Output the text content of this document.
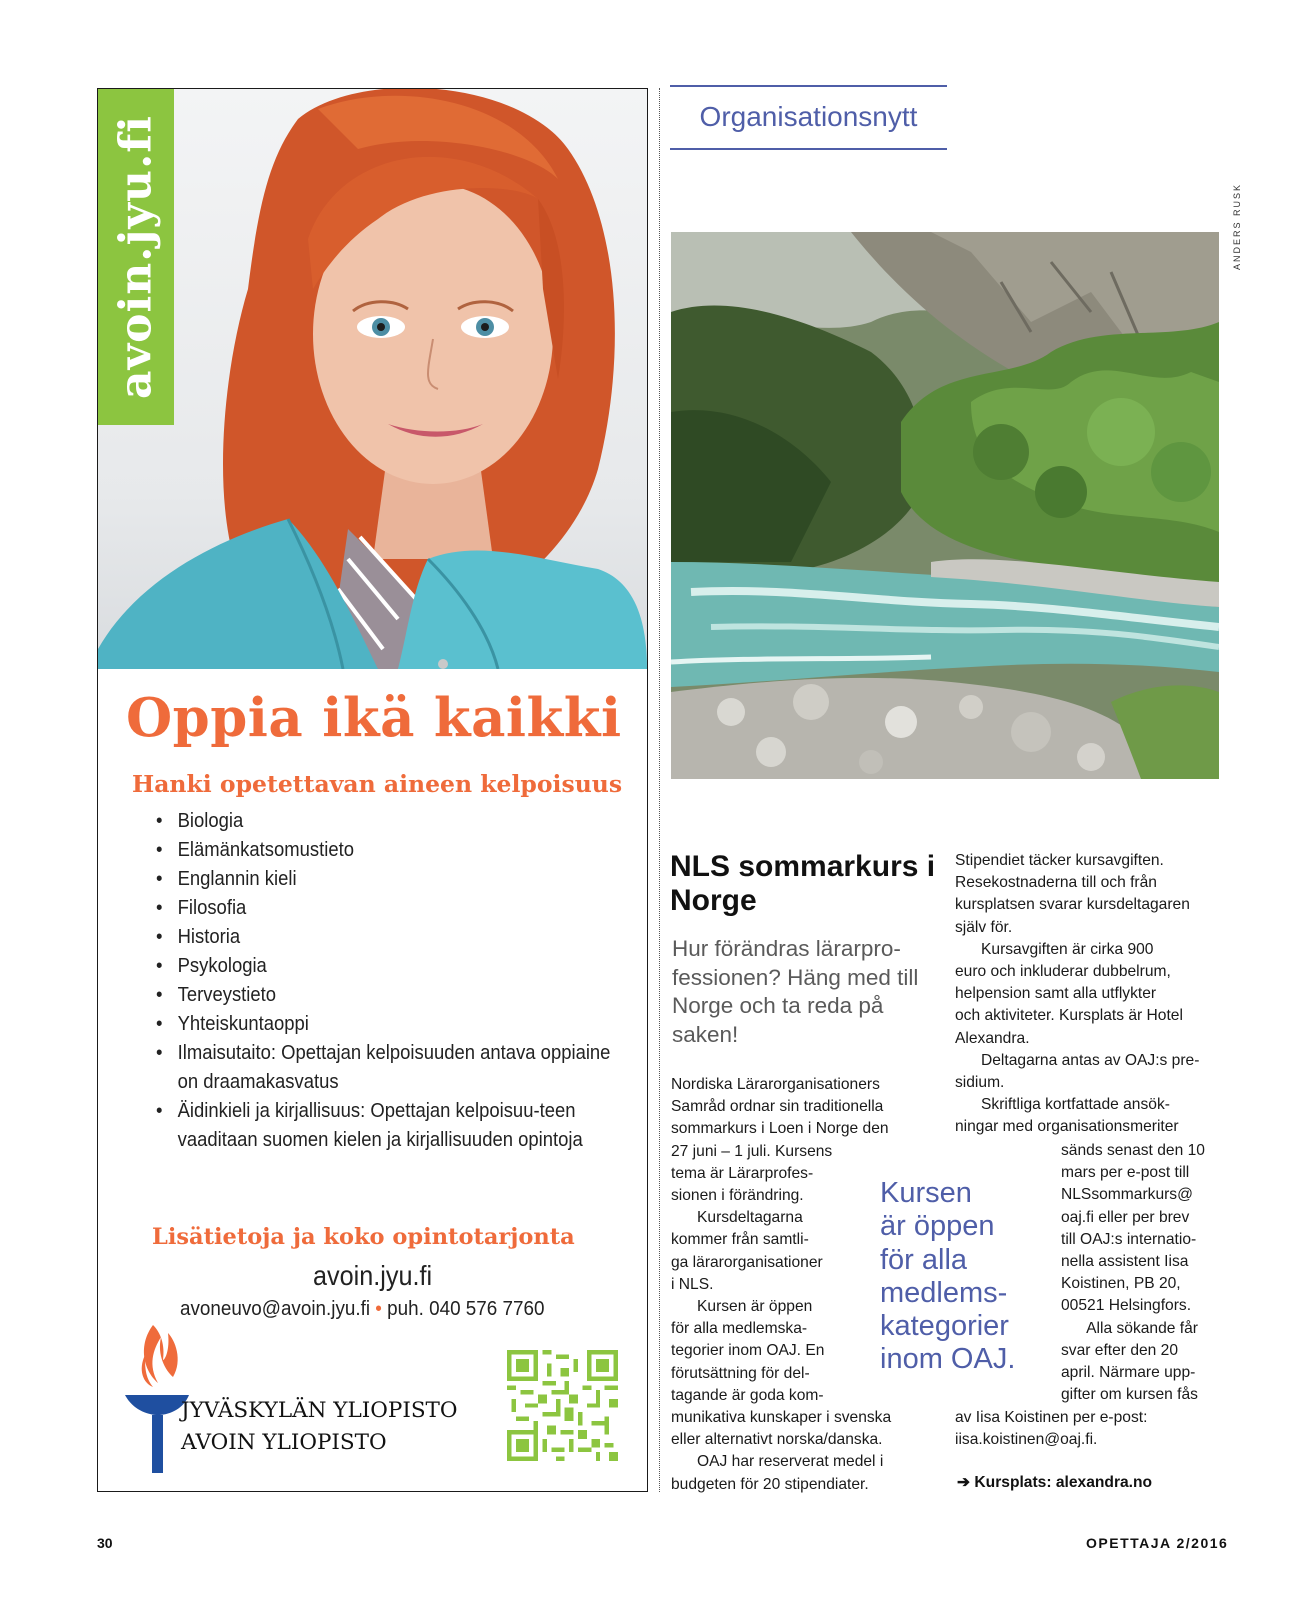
avoin.jyu.fi
Oppia ikä kaikki
Hanki opetettavan aineen kelpoisuus
• Biologia
• Elämänkatsomustieto
• Englannin kieli
• Filosofia
• Historia
• Psykologia
• Terveystieto
• Yhteiskuntaoppi
• Ilmaisutaito: Opettajan kelpoisuuden antava oppiaine on draamakasvatus
• Äidinkieli ja kirjallisuus: Opettajan kelpoisuu-teen vaaditaan suomen kielen ja kirjallisuuden opintoja
Lisätietoja ja koko opintotarjonta
avoin.jyu.fi
avoneuvo@avoin.jyu.fi • puh. 040 576 7760
JYVÄSKYLÄN YLIOPISTO
AVOIN YLIOPISTO
Organisationsnytt
ANDERS RUSK
NLS sommarkurs i Norge
Hur förändras lärarpro-fessionen? Häng med till Norge och ta reda på saken!

Nordiska Lärarorganisationers
Samråd ordnar sin traditionella
sommarkurs i Loen i Norge den
27 juni – 1 juli. Kursens
tema är Lärarprofes-
sionen i förändring.
Kursdeltagarna
kommer från samtli-
ga lärarorganisationer
i NLS.
Kursen är öppen
för alla medlemska-
tegorier inom OAJ. En
förutsättning för del-
tagande är goda kom-
munikativa kunskaper i svenska
eller alternativt norska/danska.
OAJ har reserverat medel i
budgeten för 20 stipendiater.

Stipendiet täcker kursavgiften.
Resekostnaderna till och från
kursplatsen svarar kursdeltagaren
själv för.
Kursavgiften är cirka 900
euro och inkluderar dubbelrum,
helpension samt alla utflykter
och aktiviteter. Kursplats är Hotel
Alexandra.
Deltagarna antas av OAJ:s pre-
sidium.
Skriftliga kortfattade ansök-
ningar med organisationsmeriter

sänds senast den 10
mars per e-post till
NLSsommarkurs@
oaj.fi eller per brev
till OAJ:s internatio-
nella assistent Iisa
Koistinen, PB 20,
00521 Helsingfors.
Alla sökande får
svar efter den 20
april. Närmare upp-
gifter om kursen fås

av Iisa Koistinen per e-post:
iisa.koistinen@oaj.fi.

Kursen
är öppen
för alla
medlems-
kategorier
inom OAJ.

➔ Kursplats: alexandra.no
30	OPETTAJA 2/2016
